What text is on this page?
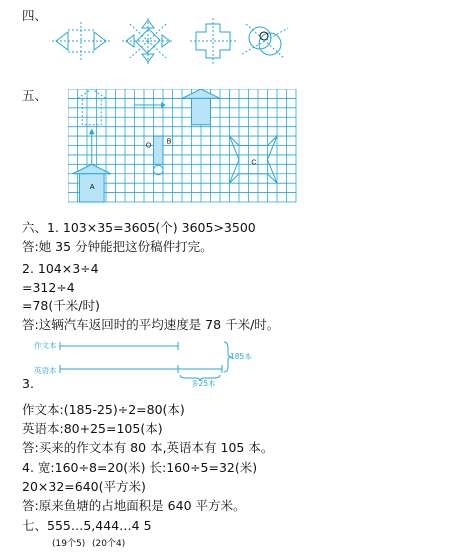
四、
五、
A
B
C
O
六、1. 103×35=3605(个) 3605>3500
答:她 35 分钟能把这份稿件打完。
2. 104×3÷4
=312÷4
=78(千米/时)
答:这辆汽车返回时的平均速度是 78 千米/时。
作文本
英语本
185本
多25本
3.
作文本:(185-25)÷2=80(本)
英语本:80+25=105(本)
答:买来的作文本有 80 本,英语本有 105 本。
4. 宽:160÷8=20(米) 长:160÷5=32(米)
20×32=640(平方米)
答:原来鱼塘的占地面积是 640 平方米。
七、555…5,444…4 5
(19个5) (20个4)
